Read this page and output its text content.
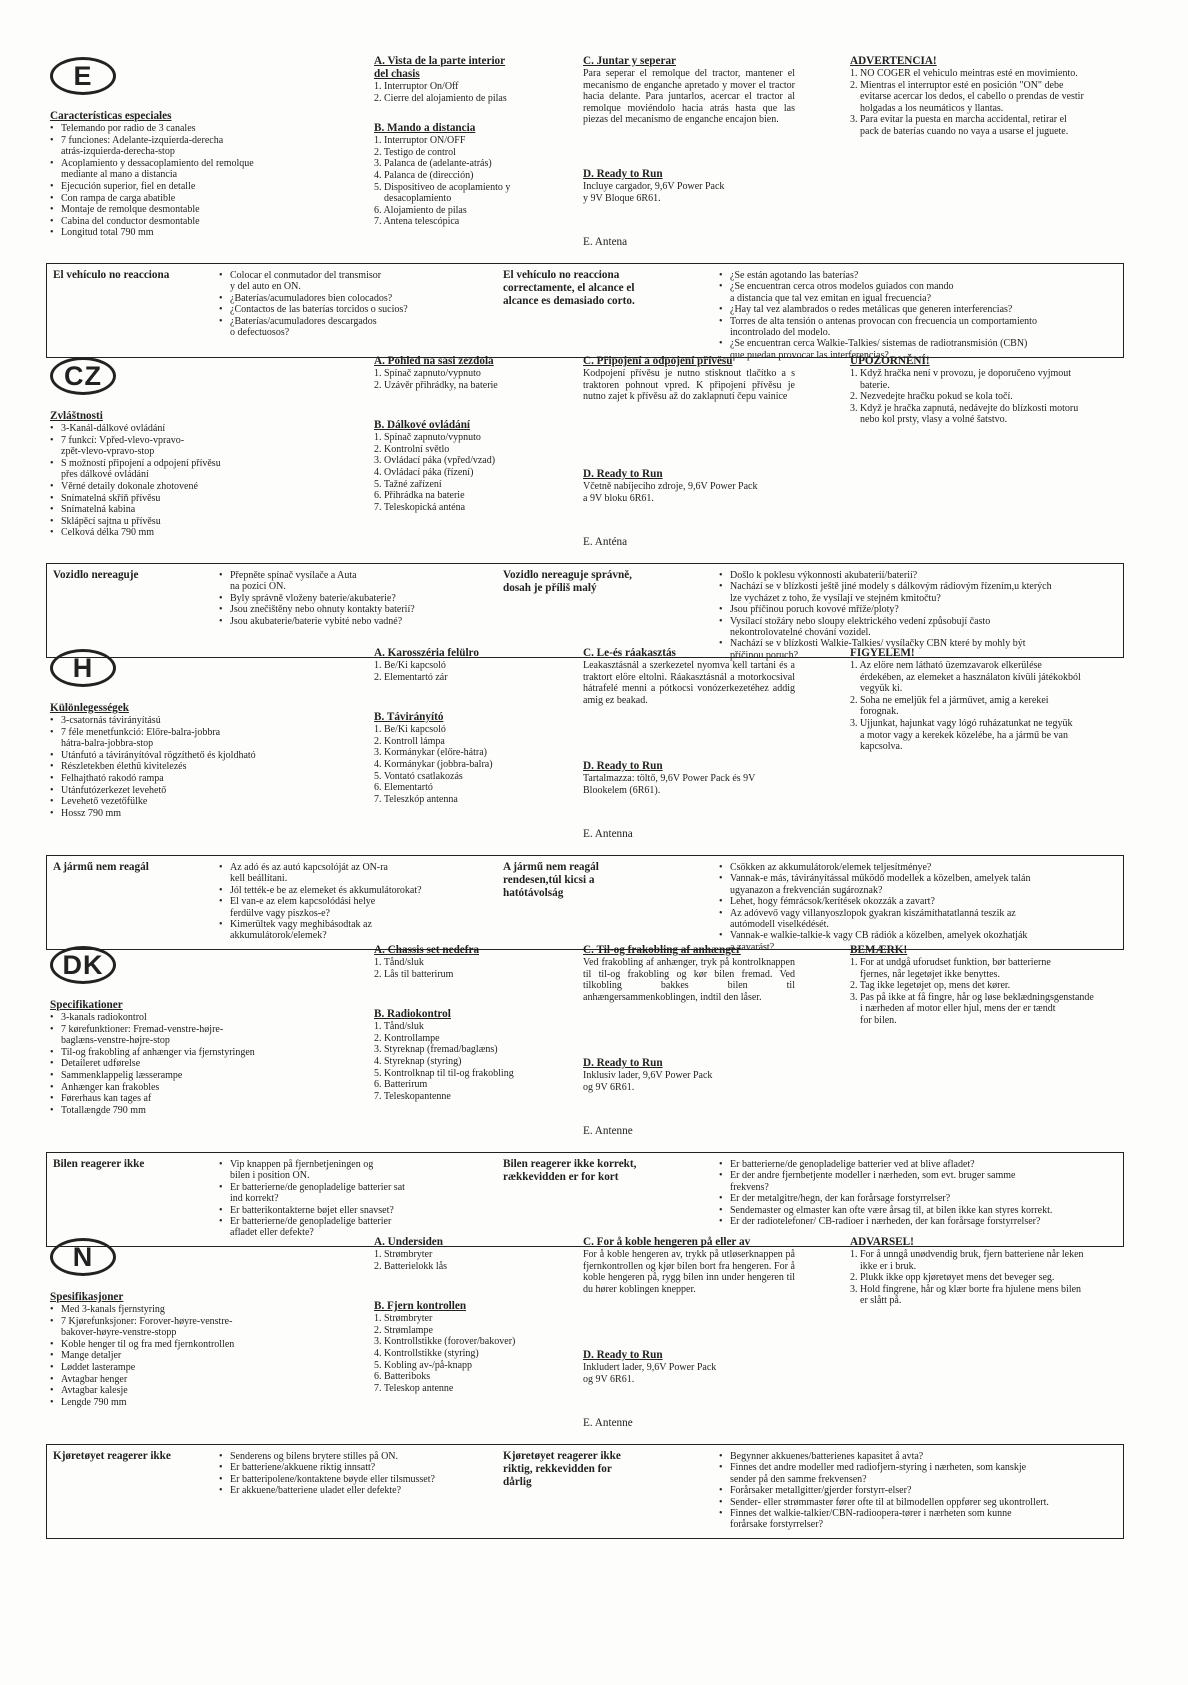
E
Características especiales
• Telemando por radio de 3 canales
• 7 funciones: Adelante-izquierda-derecha
atrás-izquierda-derecha-stop
• Acoplamiento y dessacoplamiento del remolque
mediante al mano a distancia
• Ejecución superior, fiel en detalle
• Con rampa de carga abatible
• Montaje de remolque desmontable
• Cabina del conductor desmontable
• Longitud total 790 mm
A. Vista de la parte interior
del chasis
1. Interruptor On/Off
2. Cierre del alojamiento de pilas
B. Mando a distancia
1. Interruptor ON/OFF
2. Testigo de control
3. Palanca de (adelante-atrás)
4. Palanca de (dirección)
5. Dispositiveo de acoplamiento y
desacoplamiento
6. Alojamiento de pilas
7. Antena telescópica
C. Juntar y seperar
Para seperar el remolque del tractor, mantener el mecanismo de enganche apretado y mover el tractor hacia delante. Para juntarlos, acercar el tractor al remolque moviéndolo hacia atrás hasta que las piezas del mecanismo de enganche encajon bien.
D. Ready to Run
Incluye cargador, 9,6V Power Pack
y 9V Bloque 6R61.
E. Antena
ADVERTENCIA!
1. NO COGER el vehiculo meintras esté en movimiento.
2. Mientras el interruptor esté en posición "ON" debe
evitarse acercar los dedos, el cabello o prendas de vestir
holgadas a los neumáticos y llantas.
3. Para evitar la puesta en marcha accidental, retirar el
pack de baterías cuando no vaya a usarse el juguete.
El vehículo no reacciona	• Colocar el conmutador del transmisor
y del auto en ON.
• ¿Baterías/acumuladores bien colocados?
• ¿Contactos de las baterías torcidos o sucios?
• ¿Baterías/acumuladores descargados
o defectuosos?
El vehículo no reacciona
correctamente, el alcance el
alcance es demasiado corto.
• ¿Se están agotando las baterías?
• ¿Se encuentran cerca otros modelos guiados con mando
a distancia que tal vez emitan en igual frecuencia?
• ¿Hay tal vez alambrados o redes metálicas que generen interferencias?
• Torres de alta tensión o antenas provocan con frecuencia un comportamiento
incontrolado del modelo.
• ¿Se encuentran cerca Walkie-Talkies/ sistemas de radiotransmisión (CBN)
que puedan provocar las interferencias?
CZ
Zvláštnosti
• 3-Kanál-dálkové ovládání
• 7 funkcí: Vpřed-vlevo-vpravo-
zpět-vlevo-vpravo-stop
• S možností připojení a odpojení přívěsu
přes dálkové ovládání
• Věrné detaily dokonale zhotovené
• Snímatelná skříň přívěsu
• Snímatelná kabina
• Sklápěcí sajtna u přívěsu
• Celková délka 790 mm
A. Pohled na sasi zezdola
1. Spínač zapnuto/vypnuto
2. Uzávěr přihrádky, na baterie
B. Dálkové ovládání
1. Spínač zapnuto/vypnuto
2. Kontrolní světlo
3. Ovládací páka (vpřed/vzad)
4. Ovládací páka (řízení)
5. Tažné zařízení
6. Přihrádka na baterie
7. Teleskopická anténa
C. Připojení a odpojení přívěsu
Kodpojení přívěsu je nutno stisknout tlačítko a s traktoren pohnout vpred. K připojení přívěsu je nutno zajet k přívěsu až do zaklapnutí čepu vainice
D. Ready to Run
Včetně nabíjecího zdroje, 9,6V Power Pack
a 9V bloku 6R61.
E. Anténa
UPOZORNĚNÍ!
1. Když hračka není v provozu, je doporučeno vyjmout
baterie.
2. Nezvedejte hračku pokud se kola točí.
3. Když je hračka zapnutá, nedávejte do blízkosti motoru
nebo kol prsty, vlasy a volné šatstvo.
Vozidlo nereaguje	• Přepněte spínač vysílače a Auta
na pozici ON.
• Byly správně vloženy baterie/akubaterie?
• Jsou znečištěny nebo ohnuty kontakty baterií?
• Jsou akubaterie/baterie vybité nebo vadné?
Vozidlo nereaguje správně,
dosah je příliš malý
• Došlo k poklesu výkonnosti akubaterií/baterií?
• Nachází se v blízkosti ještě jiné modely s dálkovým rádiovým řízením,u kterých
lze vycházet z toho, že vysílají ve stejném kmitočtu?
• Jsou příčinou poruch kovové mříže/ploty?
• Vysílací stožáry nebo sloupy elektrického vedení způsobují často
nekontrolovatelné chování vozidel.
• Nachází se v blízkosti Walkie-Talkies/ vysílačky CBN které by mohly být
příčinou poruch?
H
Különlegességek
• 3-csatornás távirányítású
• 7 féle menetfunkció: Előre-balra-jobbra
hátra-balra-jobbra-stop
• Utánfutó a távirányítóval rögzíthető és kjoldható
• Részletekben élethű kivitelezés
• Felhajtható rakodó rampa
• Utánfutózerkezet levehető
• Levehető vezetőfülke
• Hossz 790 mm
A. Karosszéria felülro
1. Be/Ki kapcsoló
2. Elementartó zár
B. Távirányító
1. Be/Ki kapcsoló
2. Kontroll lámpa
3. Kormánykar (előre-hátra)
4. Kormánykar (jobbra-balra)
5. Vontató csatlakozás
6. Elementartó
7. Teleszkóp antenna
C. Le-és ráakasztás
Leakasztásnál a szerkezetel nyomva kell tartani és a traktort elöre eltolni. Ráakasztásnál a motorkocsival hátrafelé menni a pótkocsi vonózerkezetéhez addig amig ez beakad.
D. Ready to Run
Tartalmazza: töltő, 9,6V Power Pack és 9V
Blookelem (6R61).
E. Antenna
FIGYELEM!
1. Az elöre nem látható üzemzavarok elkerülése
érdekében, az elemeket a használaton kívüli játékokból
vegyük ki.
2. Soha ne emeljük fel a járművet, amig a kerekei
forognak.
3. Ujjunkat, hajunkat vagy lógó ruházatunkat ne tegyük
a motor vagy a kerekek közelébe, ha a jármű be van
kapcsolva.
A jármű nem reagál	• Az adó és az autó kapcsolóját az ON-ra
kell beállítani.
• Jól tették-e be az elemeket és akkumulátorokat?
• El van-e az elem kapcsolódási helye
ferdülve vagy piszkos-e?
• Kimerültek vagy meghibásodtak az
akkumulátorok/elemek?
A jármű nem reagál
rendesen,túl kicsi a
hatótávolság
• Csökken az akkumulátorok/elemek teljesítménye?
• Vannak-e más, távirányítással működő modellek a közelben, amelyek talán
ugyanazon a frekvencián sugároznak?
• Lehet, hogy fémrácsok/kerítések okozzák a zavart?
• Az adóvevő vagy villanyoszlopok gyakran kiszámíthatatlanná teszik az
autómodell viselkédését.
• Vannak-e walkie-talkie-k vagy CB rádiók a közelben, amelyek okozhatják
a zavarást?
DK
Specifikationer
• 3-kanals radiokontrol
• 7 kørefunktioner: Fremad-venstre-højre-
baglæns-venstre-højre-stop
• Til-og frakobling af anhænger via fjernstyringen
• Detaileret udførelse
• Sammenklappelig læsserampe
• Anhænger kan frakobles
• Førerhaus kan tages af
• Totallængde 790 mm
A. Chassis set nedefra
1. Tånd/sluk
2. Lås til batterirum
B. Radiokontrol
1. Tånd/sluk
2. Kontrollampe
3. Styreknap (fremad/baglæns)
4. Styreknap (styring)
5. Kontrolknap til til-og frakobling
6. Batterirum
7. Teleskopantenne
C. Til-og frakobling af anhænger
Ved frakobling af anhænger, tryk på kontrolknappen til til-og frakobling og kør bilen fremad. Ved tilkobling bakkes bilen til anhængersammenkoblingen, indtil den låser.
D. Ready to Run
Inklusiv lader, 9,6V Power Pack
og 9V 6R61.
E. Antenne
BEMÆRK!
1. For at undgå uforudset funktion, bør batterierne
fjernes, når legetøjet ikke benyttes.
2. Tag ikke legetøjet op, mens det kører.
3. Pas på ikke at få fingre, hår og løse beklædningsgenstande
i nærheden af motor eller hjul, mens der er tændt
for bilen.
Bilen reagerer ikke	• Vip knappen på fjernbetjeningen og
bilen i position ON.
• Er batterierne/de genopladelige batterier sat
ind korrekt?
• Er batterikontakterne bøjet eller snavset?
• Er batterierne/de genopladelige batterier
afladet eller defekte?
Bilen reagerer ikke korrekt,
rækkevidden er for kort
• Er batterierne/de genopladelige batterier ved at blive afladet?
• Er der andre fjernbetjente modeller i nærheden, som evt. bruger samme
frekvens?
• Er der metalgitre/hegn, der kan forårsage forstyrrelser?
• Sendemaster og elmaster kan ofte være årsag til, at bilen ikke kan styres korrekt.
• Er der radiotelefoner/ CB-radioer i nærheden, der kan forårsage forstyrrelser?
N
Spesifikasjoner
• Med 3-kanals fjernstyring
• 7 Kjørefunksjoner: Forover-høyre-venstre-
bakover-høyre-venstre-stopp
• Koble henger til og fra med fjernkontrollen
• Mange detaljer
• Løddet lasterampe
• Avtagbar henger
• Avtagbar kalesje
• Lengde 790 mm
A. Undersiden
1. Strømbryter
2. Batterielokk lås
B. Fjern kontrollen
1. Strømbryter
2. Strømlampe
3. Kontrollstikke (forover/bakover)
4. Kontrollstikke (styring)
5. Kobling av-/på-knapp
6. Batteriboks
7. Teleskop antenne
C. For å koble hengeren på eller av
For å koble hengeren av, trykk på utløserknappen på fjernkontrollen og kjør bilen bort fra hengeren. For å koble hengeren på, rygg bilen inn under hengeren til du hører koblingen knepper.
D. Ready to Run
Inkludert lader, 9,6V Power Pack
og 9V 6R61.
E. Antenne
ADVARSEL!
1. For å unngå unødvendig bruk, fjern batteriene når leken
ikke er i bruk.
2. Plukk ikke opp kjøretøyet mens det beveger seg.
3. Hold fingrene, hår og klær borte fra hjulene mens bilen
er slått på.
Kjøretøyet reagerer ikke	• Senderens og bilens brytere stilles på ON.
• Er batteriene/akkuene riktig innsatt?
• Er batteripolene/kontaktene bøyde eller tilsmusset?
• Er akkuene/batteriene uladet eller defekte?
Kjøretøyet reagerer ikke
riktig, rekkevidden for
dårlig
• Begynner akkuenes/batterienes kapasitet å avta?
• Finnes det andre modeller med radiofjern-styring i nærheten, som kanskje
sender på den samme frekvensen?
• Forårsaker metallgitter/gjerder forstyrr-elser?
• Sender- eller strømmaster fører ofte til at bilmodellen oppfører seg ukontrollert.
• Finnes det walkie-talkier/CBN-radioopera-tører i nærheten som kunne
forårsake forstyrrelser?
